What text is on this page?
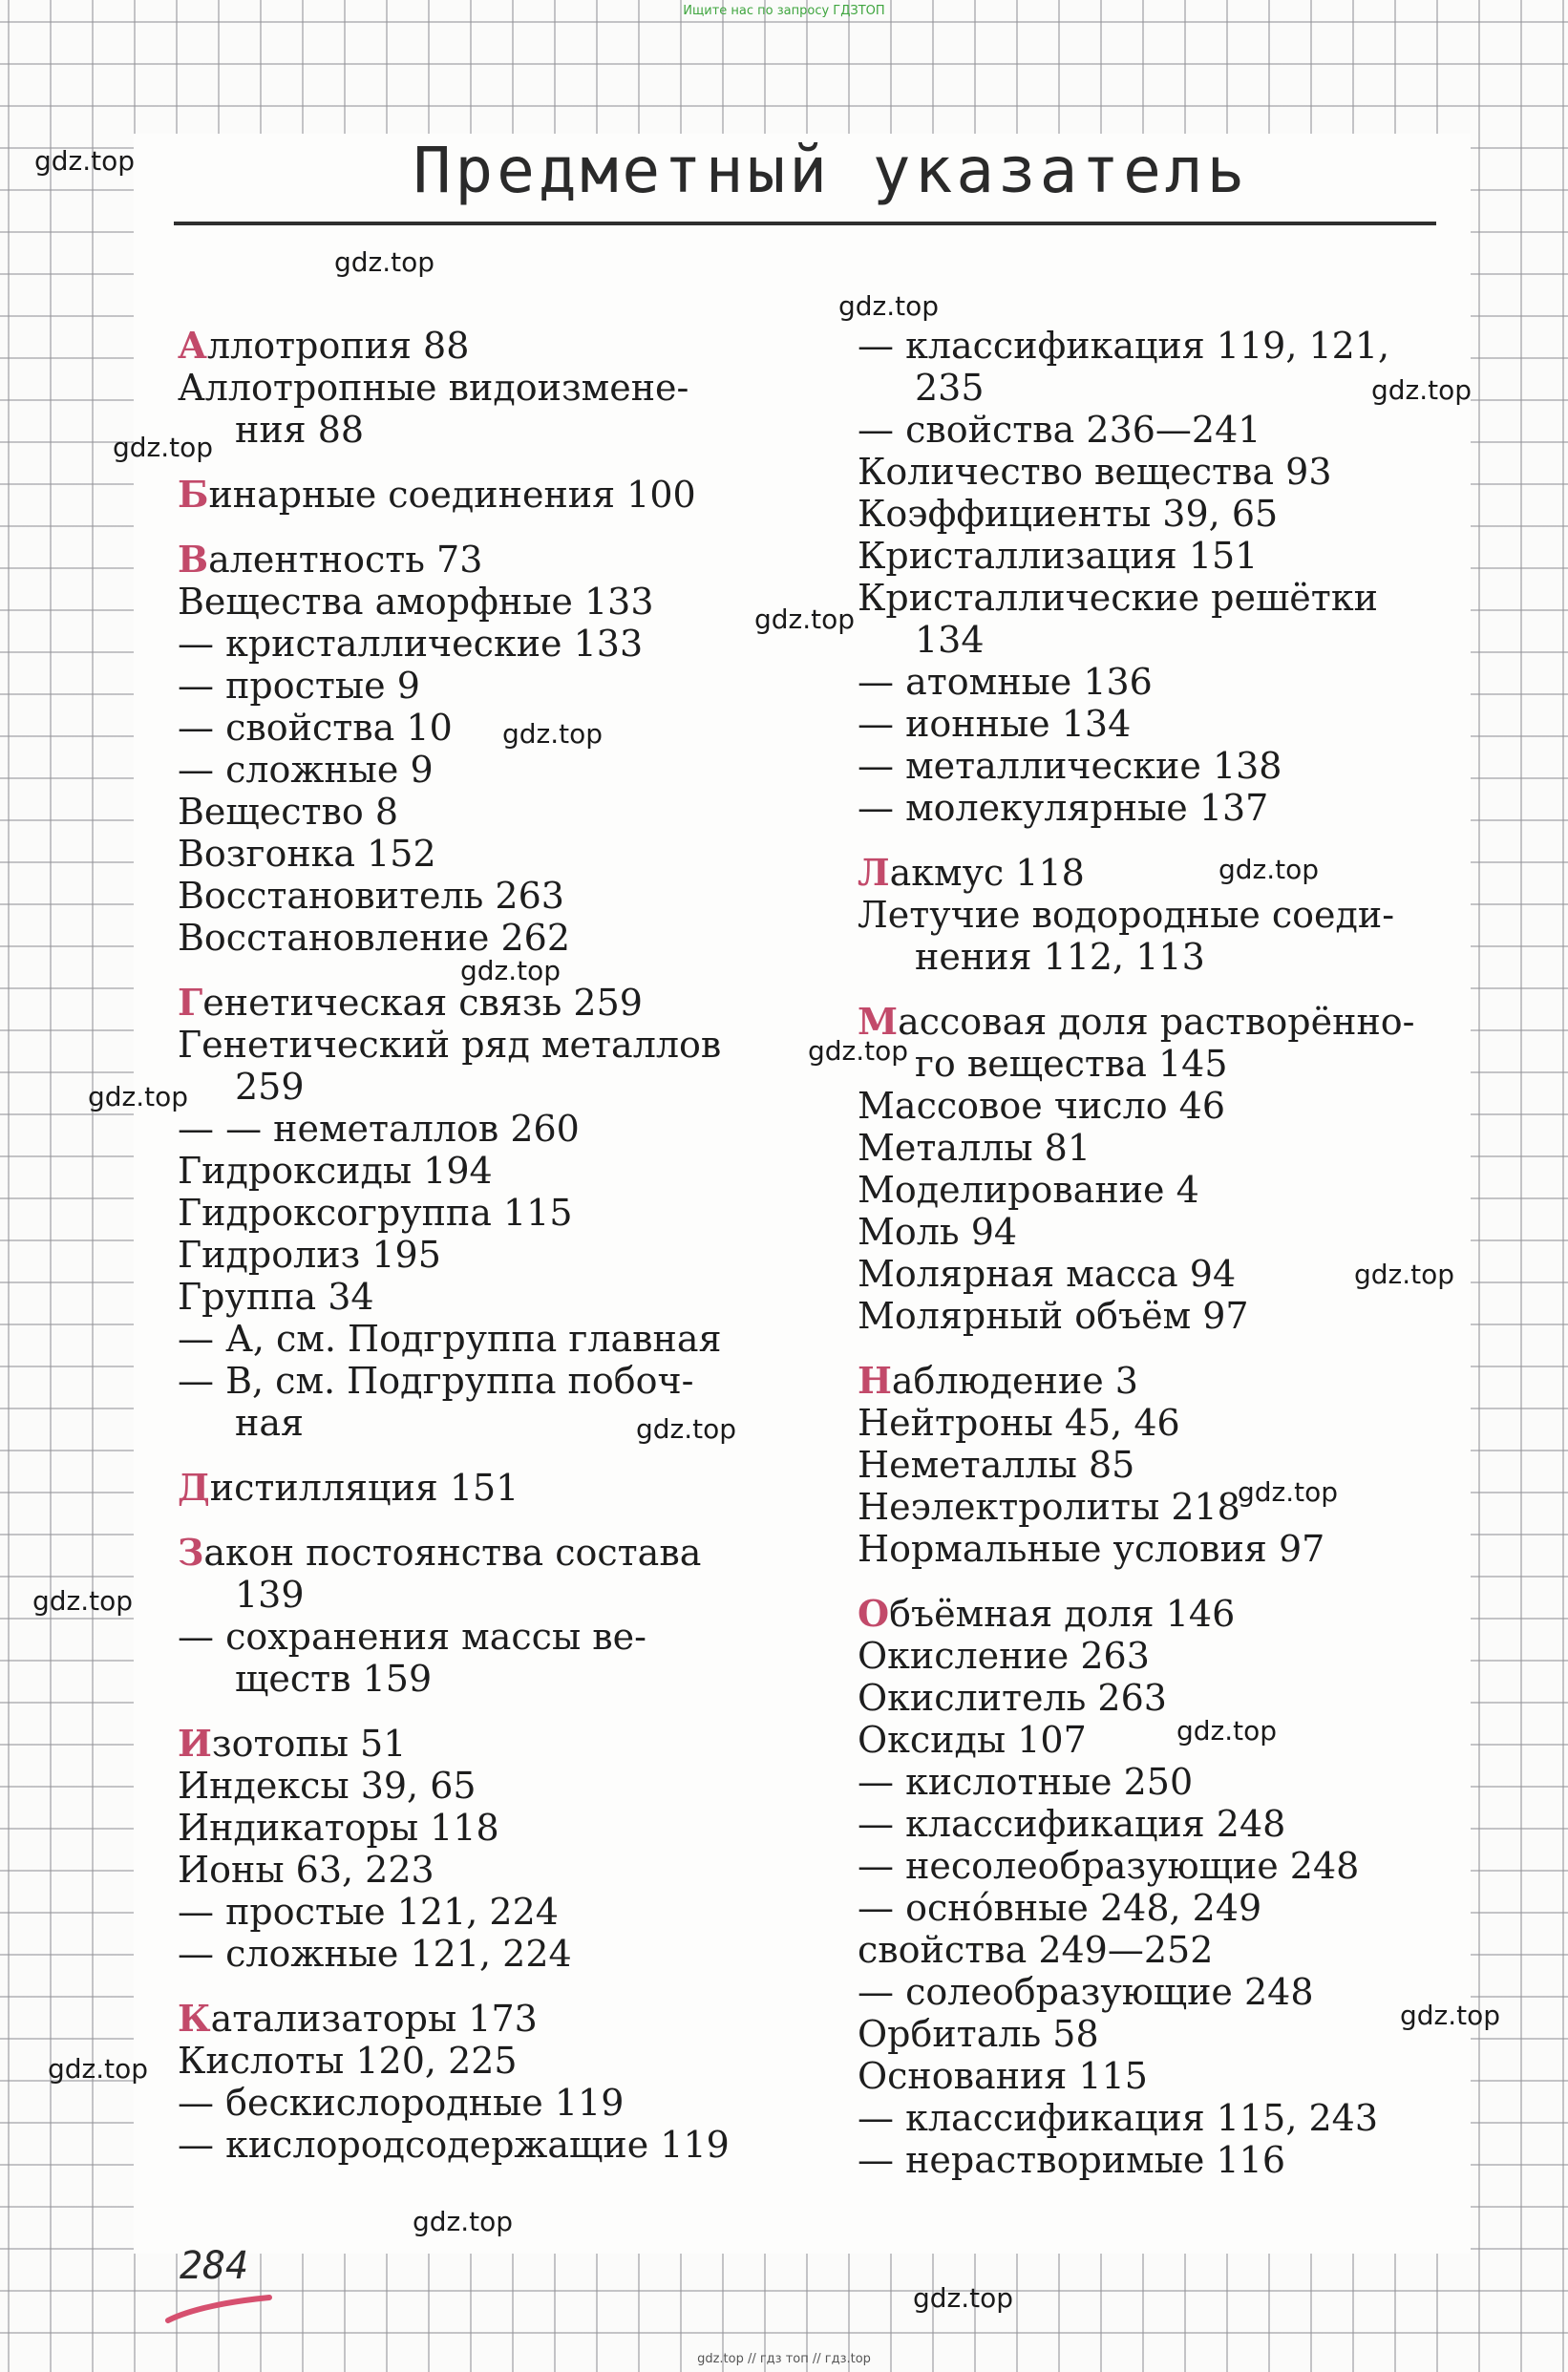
Ищите нас по запросу ГДЗТОП
Предметный указатель
Аллотропия 88
Аллотропные видоизмене-
ния 88
Бинарные соединения 100
Валентность 73
Вещества аморфные 133
— кристаллические 133
— простые 9
— свойства 10
— сложные 9
Вещество 8
Возгонка 152
Восстановитель 263
Восстановление 262
Генетическая связь 259
Генетический ряд металлов
259
— — неметаллов 260
Гидроксиды 194
Гидроксогруппа 115
Гидролиз 195
Группа 34
— А, см. Подгруппа главная
— В, см. Подгруппа побоч-
ная
Дистилляция 151
Закон постоянства состава
139
— сохранения массы ве-
ществ 159
Изотопы 51
Индексы 39, 65
Индикаторы 118
Ионы 63, 223
— простые 121, 224
— сложные 121, 224
Катализаторы 173
Кислоты 120, 225
— бескислородные 119
— кислородсодержащие 119
— классификация 119, 121,
235
— свойства 236—241
Количество вещества 93
Коэффициенты 39, 65
Кристаллизация 151
Кристаллические решётки
134
— атомные 136
— ионные 134
— металлические 138
— молекулярные 137
Лакмус 118
Летучие водородные соеди-
нения 112, 113
Массовая доля растворённо-
го вещества 145
Массовое число 46
Металлы 81
Моделирование 4
Моль 94
Молярная масса 94
Молярный объём 97
Наблюдение 3
Нейтроны 45, 46
Неметаллы 85
Неэлектролиты 218
Нормальные условия 97
Объёмная доля 146
Окисление 263
Окислитель 263
Оксиды 107
— кислотные 250
— классификация 248
— несолеобразующие 248
— осно́вные 248, 249
свойства 249—252
— солеобразующие 248
Орбиталь 58
Основания 115
— классификация 115, 243
— нерастворимые 116
gdz.top
gdz.top
gdz.top
gdz.top
gdz.top
gdz.top
gdz.top
gdz.top
gdz.top
gdz.top
gdz.top
gdz.top
gdz.top
gdz.top
gdz.top
gdz.top
gdz.top
gdz.top
gdz.top
gdz.top
284
gdz.top // гдз топ // гдз.top
